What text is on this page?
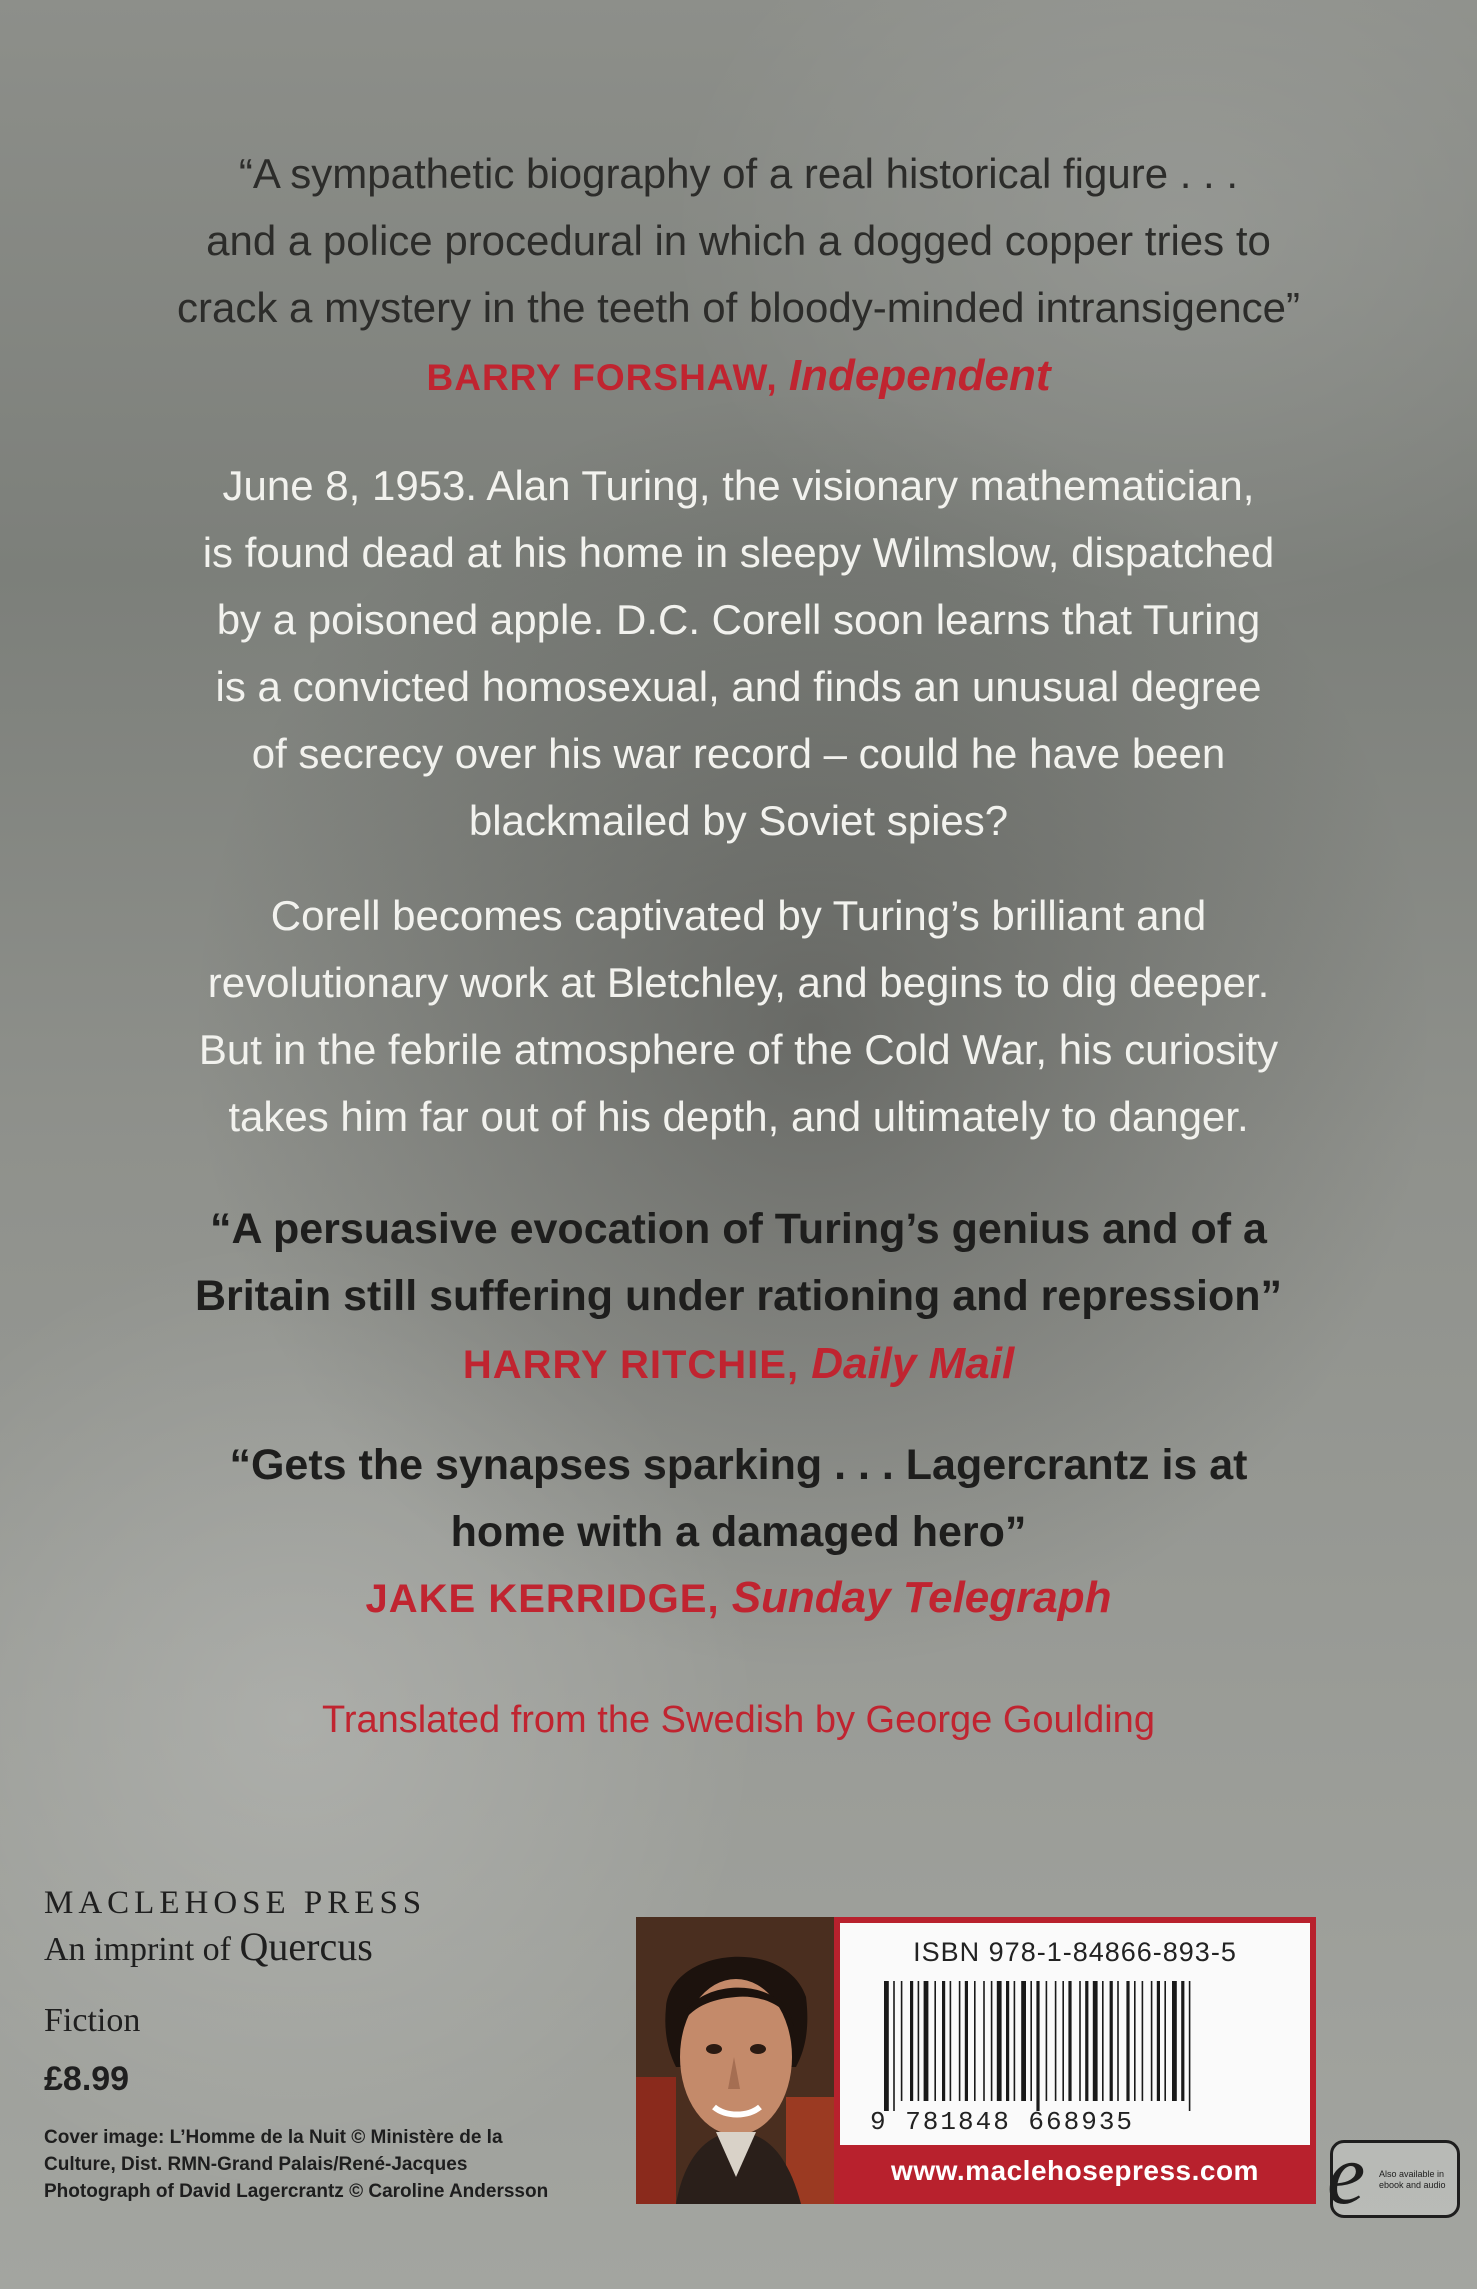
“A sympathetic biography of a real historical figure . . .
and a police procedural in which a dogged copper tries to
crack a mystery in the teeth of bloody-minded intransigence”
BARRY FORSHAW, Independent
June 8, 1953. Alan Turing, the visionary mathematician,
is found dead at his home in sleepy Wilmslow, dispatched
by a poisoned apple. D.C. Corell soon learns that Turing
is a convicted homosexual, and finds an unusual degree
of secrecy over his war record – could he have been
blackmailed by Soviet spies?
Corell becomes captivated by Turing’s brilliant and
revolutionary work at Bletchley, and begins to dig deeper.
But in the febrile atmosphere of the Cold War, his curiosity
takes him far out of his depth, and ultimately to danger.
“A persuasive evocation of Turing’s genius and of a
Britain still suffering under rationing and repression”
HARRY RITCHIE, Daily Mail
“Gets the synapses sparking . . . Lagercrantz is at
home with a damaged hero”
JAKE KERRIDGE, Sunday Telegraph
Translated from the Swedish by George Goulding
MACLEHOSE PRESS
An imprint of Quercus
Fiction
£8.99
Cover image: L’Homme de la Nuit © Ministère de la
Culture, Dist. RMN-Grand Palais/René-Jacques
Photograph of David Lagercrantz © Caroline Andersson
ISBN 978-1-84866-893-5
9 781848 668935
www.maclehosepress.com e Also available in ebook and audio
